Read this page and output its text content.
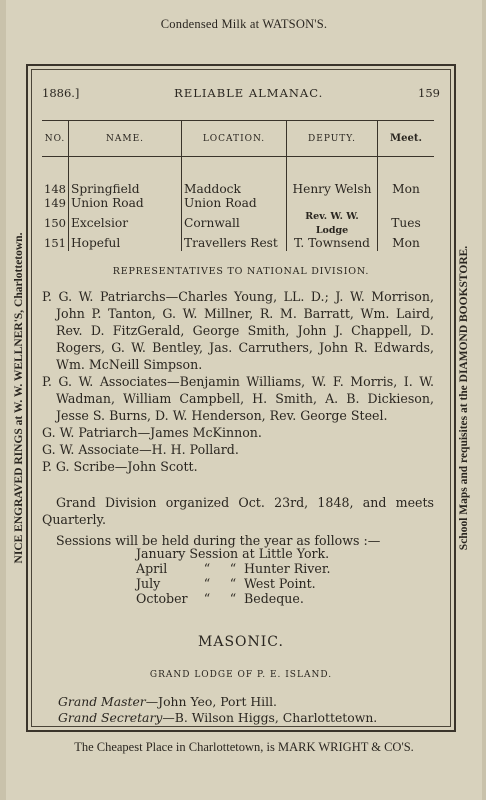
Condensed Milk at WATSON'S.
NICE ENGRAVED RINGS at W. W. WELLNER'S, Charlottetown.	School Maps and requisites at the DIAMOND BOOKSTORE.
1886.]	RELIABLE ALMANAC.	159
NO.	NAME.	LOCATION.	DEPUTY.	Meet.

148	Springfield	Maddock	Henry Welsh	Mon
149	Union Road	Union Road		
150	Excelsior	Cornwall	Rev. W. W. Lodge	Tues
151	Hopeful	Travellers Rest	T. Townsend	Mon
REPRESENTATIVES TO NATIONAL DIVISION.

P. G. W. Patriarchs—Charles Young, LL. D.; J. W. Morrison, John P. Tanton, G. W. Millner, R. M. Barratt, Wm. Laird, Rev. D. FitzGerald, George Smith, John J. Chappell, D. Rogers, G. W. Bentley, Jas. Carruthers, John R. Edwards, Wm. McNeill Simpson.

P. G. W. Associates—Benjamin Williams, W. F. Morris, I. W. Wadman, William Campbell, H. Smith, A. B. Dickieson, Jesse S. Burns, D. W. Henderson, Rev. George Steel.

G. W. Patriarch—James McKinnon.

G. W. Associate—H. H. Pollard.

P. G. Scribe—John Scott.

Grand Division organized Oct. 23rd, 1848, and meets Quarterly.

Sessions will be held during the year as follows :—

January Session at Little York.
April	“	“ Hunter River.
July	“	“ West Point.
October	“	“ Bedeque.
MASONIC.
GRAND LODGE OF P. E. ISLAND.
Grand Master—John Yeo, Port Hill.
Grand Secretary—B. Wilson Higgs, Charlottetown.
The Cheapest Place in Charlottetown, is MARK WRIGHT & CO'S.
